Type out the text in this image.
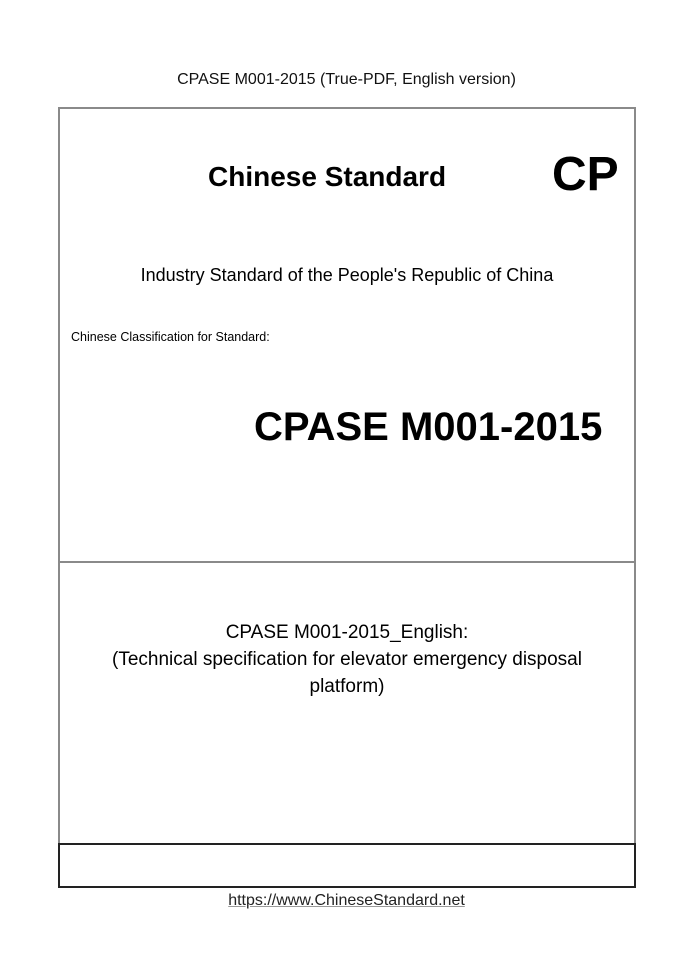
CPASE M001-2015 (True-PDF, English version)
Chinese Standard CP
Industry Standard of the People's Republic of China
Chinese Classification for Standard:
CPASE M001-2015
CPASE M001-2015_English:
(Technical specification for elevator emergency disposal
platform)
https://www.ChineseStandard.net
